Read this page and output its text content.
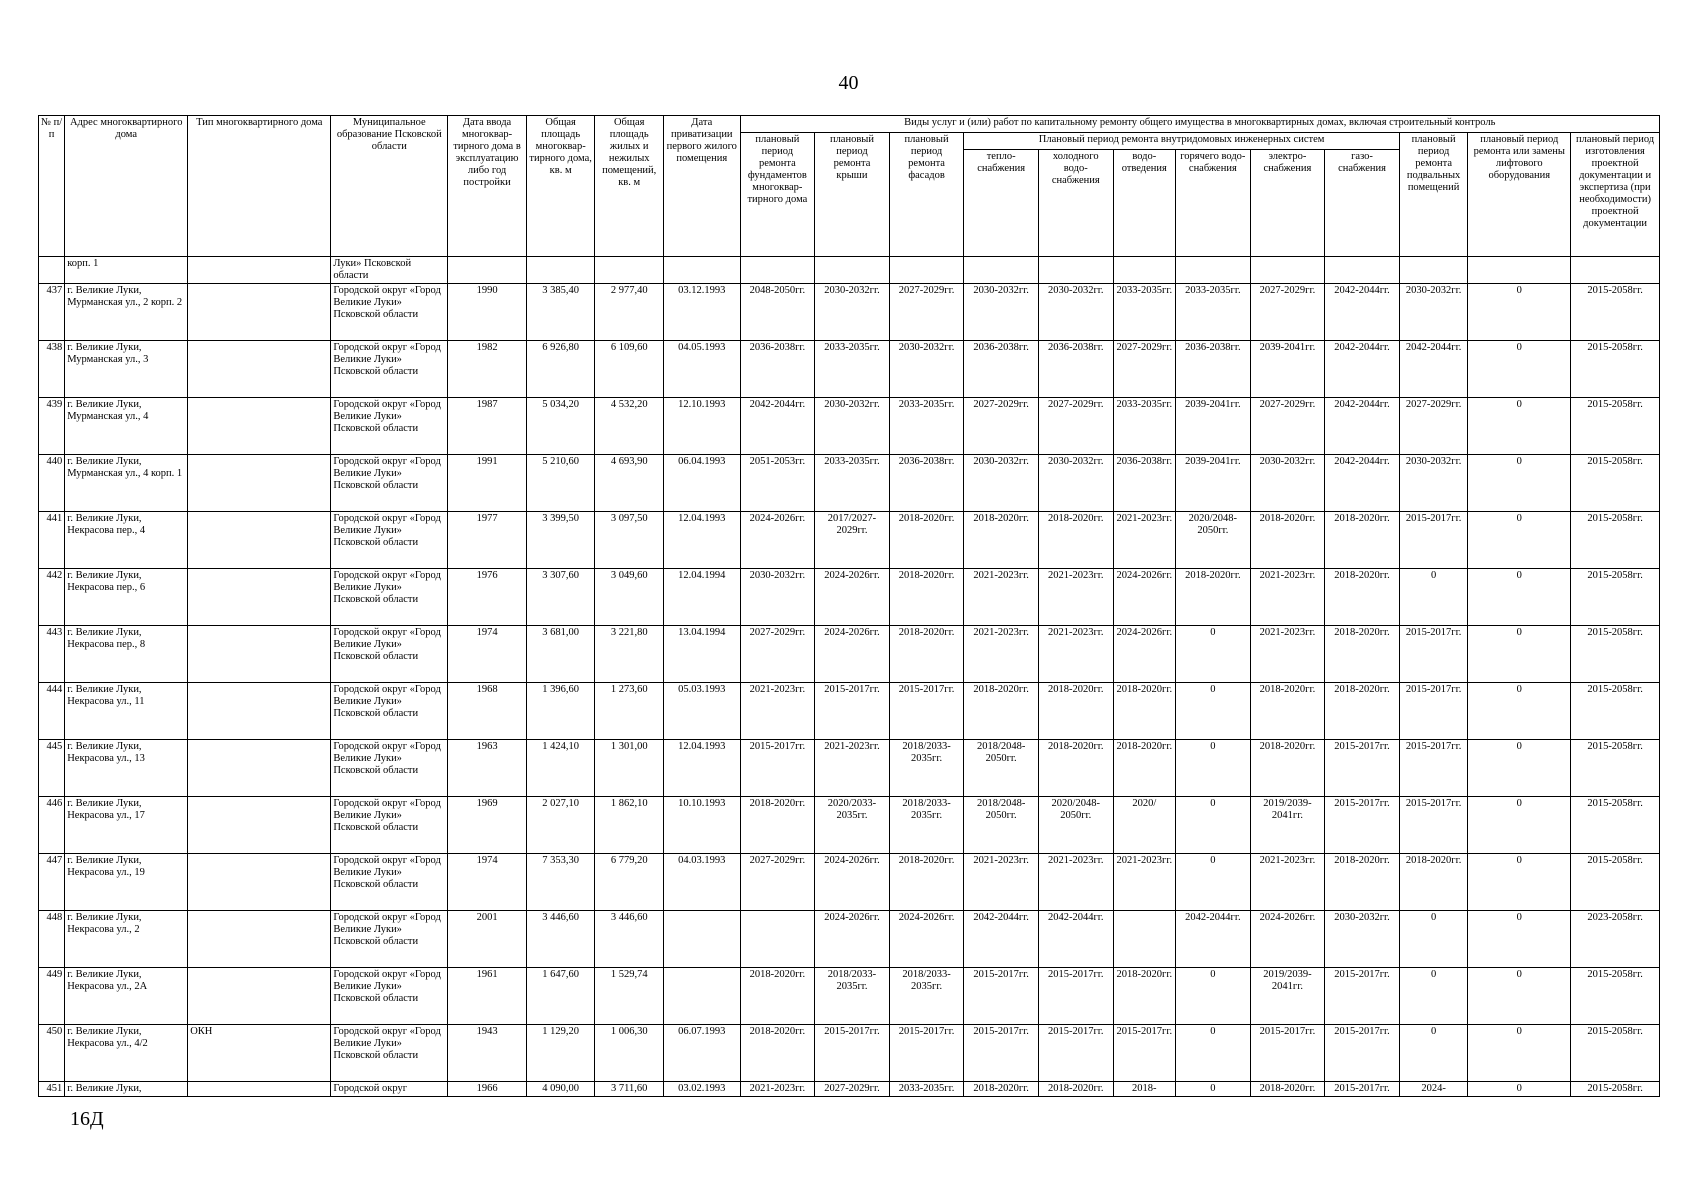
40
№ п/п	Адрес многоквартирного дома	Тип многоквартирного дома	Муниципальное образование Псковской области	Дата ввода многоквар-тирного дома в эксплуатацию либо год постройки	Общая площадь многоквар-тирного дома, кв. м	Общая площадь жилых и нежилых помещений, кв. м	Дата приватизации первого жилого помещения	Виды услуг и (или) работ по капитальному ремонту общего имущества в многоквартирных домах, включая строительный контроль											
								плановый период ремонта фундаментов многоквар-тирного дома	плановый период ремонта крыши	плановый период ремонта фасадов	Плановый период ремонта внутридомовых инженерных систем						плановый период ремонта подвальных помещений	плановый период ремонта или замены лифтового оборудования	плановый период изготовления проектной документации и экспертиза (при необходимости) проектной документации
											тепло-снабжения	холодного водо-снабжения	водо-отведения	горячего водо-снабжения	электро-снабжения	газо-снабжения			
	корп. 1		Луки» Псковской области																
437	г. Великие Луки, Мурманская ул., 2 корп. 2		Городской округ «Город Великие Луки» Псковской области	1990	3 385,40	2 977,40	03.12.1993	2048-2050гг.	2030-2032гг.	2027-2029гг.	2030-2032гг.	2030-2032гг.	2033-2035гг.	2033-2035гг.	2027-2029гг.	2042-2044гг.	2030-2032гг.	0	2015-2058гг.
438	г. Великие Луки, Мурманская ул., 3		Городской округ «Город Великие Луки» Псковской области	1982	6 926,80	6 109,60	04.05.1993	2036-2038гг.	2033-2035гг.	2030-2032гг.	2036-2038гг.	2036-2038гг.	2027-2029гг.	2036-2038гг.	2039-2041гг.	2042-2044гг.	2042-2044гг.	0	2015-2058гг.
439	г. Великие Луки, Мурманская ул., 4		Городской округ «Город Великие Луки» Псковской области	1987	5 034,20	4 532,20	12.10.1993	2042-2044гг.	2030-2032гг.	2033-2035гг.	2027-2029гг.	2027-2029гг.	2033-2035гг.	2039-2041гг.	2027-2029гг.	2042-2044гг.	2027-2029гг.	0	2015-2058гг.
440	г. Великие Луки, Мурманская ул., 4 корп. 1		Городской округ «Город Великие Луки» Псковской области	1991	5 210,60	4 693,90	06.04.1993	2051-2053гг.	2033-2035гг.	2036-2038гг.	2030-2032гг.	2030-2032гг.	2036-2038гг.	2039-2041гг.	2030-2032гг.	2042-2044гг.	2030-2032гг.	0	2015-2058гг.
441	г. Великие Луки, Некрасова пер., 4		Городской округ «Город Великие Луки» Псковской области	1977	3 399,50	3 097,50	12.04.1993	2024-2026гг.	2017/2027-2029гг.	2018-2020гг.	2018-2020гг.	2018-2020гг.	2021-2023гг.	2020/2048-2050гг.	2018-2020гг.	2018-2020гг.	2015-2017гг.	0	2015-2058гг.
442	г. Великие Луки, Некрасова пер., 6		Городской округ «Город Великие Луки» Псковской области	1976	3 307,60	3 049,60	12.04.1994	2030-2032гг.	2024-2026гг.	2018-2020гг.	2021-2023гг.	2021-2023гг.	2024-2026гг.	2018-2020гг.	2021-2023гг.	2018-2020гг.	0	0	2015-2058гг.
443	г. Великие Луки, Некрасова пер., 8		Городской округ «Город Великие Луки» Псковской области	1974	3 681,00	3 221,80	13.04.1994	2027-2029гг.	2024-2026гг.	2018-2020гг.	2021-2023гг.	2021-2023гг.	2024-2026гг.	0	2021-2023гг.	2018-2020гг.	2015-2017гг.	0	2015-2058гг.
444	г. Великие Луки, Некрасова ул., 11		Городской округ «Город Великие Луки» Псковской области	1968	1 396,60	1 273,60	05.03.1993	2021-2023гг.	2015-2017гг.	2015-2017гг.	2018-2020гг.	2018-2020гг.	2018-2020гг.	0	2018-2020гг.	2018-2020гг.	2015-2017гг.	0	2015-2058гг.
445	г. Великие Луки, Некрасова ул., 13		Городской округ «Город Великие Луки» Псковской области	1963	1 424,10	1 301,00	12.04.1993	2015-2017гг.	2021-2023гг.	2018/2033-2035гг.	2018/2048-2050гг.	2018-2020гг.	2018-2020гг.	0	2018-2020гг.	2015-2017гг.	2015-2017гг.	0	2015-2058гг.
446	г. Великие Луки, Некрасова ул., 17		Городской округ «Город Великие Луки» Псковской области	1969	2 027,10	1 862,10	10.10.1993	2018-2020гг.	2020/2033-2035гг.	2018/2033-2035гг.	2018/2048-2050гг.	2020/2048-2050гг.	2020/	0	2019/2039-2041гг.	2015-2017гг.	2015-2017гг.	0	2015-2058гг.
447	г. Великие Луки, Некрасова ул., 19		Городской округ «Город Великие Луки» Псковской области	1974	7 353,30	6 779,20	04.03.1993	2027-2029гг.	2024-2026гг.	2018-2020гг.	2021-2023гг.	2021-2023гг.	2021-2023гг.	0	2021-2023гг.	2018-2020гг.	2018-2020гг.	0	2015-2058гг.
448	г. Великие Луки, Некрасова ул., 2		Городской округ «Город Великие Луки» Псковской области	2001	3 446,60	3 446,60			2024-2026гг.	2024-2026гг.	2042-2044гг.	2042-2044гг.		2042-2044гг.	2024-2026гг.	2030-2032гг.	0	0	2023-2058гг.
449	г. Великие Луки, Некрасова ул., 2А		Городской округ «Город Великие Луки» Псковской области	1961	1 647,60	1 529,74		2018-2020гг.	2018/2033-2035гг.	2018/2033-2035гг.	2015-2017гг.	2015-2017гг.	2018-2020гг.	0	2019/2039-2041гг.	2015-2017гг.	0	0	2015-2058гг.
450	г. Великие Луки, Некрасова ул., 4/2	ОКН	Городской округ «Город Великие Луки» Псковской области	1943	1 129,20	1 006,30	06.07.1993	2018-2020гг.	2015-2017гг.	2015-2017гг.	2015-2017гг.	2015-2017гг.	2015-2017гг.	0	2015-2017гг.	2015-2017гг.	0	0	2015-2058гг.
451	г. Великие Луки,		Городской округ	1966	4 090,00	3 711,60	03.02.1993	2021-2023гг.	2027-2029гг.	2033-2035гг.	2018-2020гг.	2018-2020гг.	2018-	0	2018-2020гг.	2015-2017гг.	2024-	0	2015-2058гг.
16Д
